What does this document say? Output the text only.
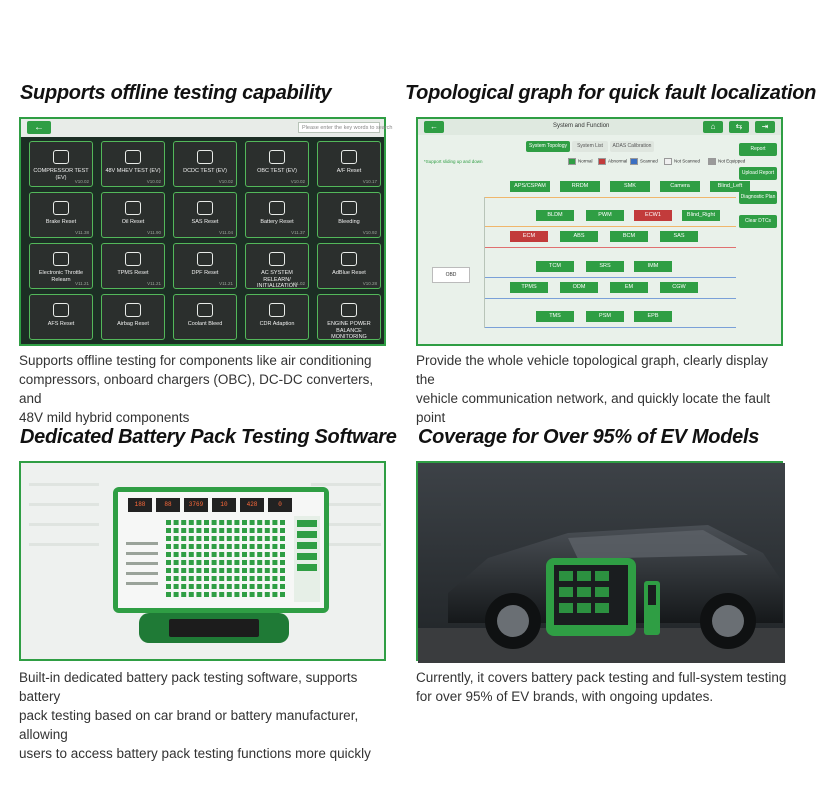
Supports offline testing capability
←	Please enter the key words to search
COMPRESSOR TEST (EV)
V10.02
48V MHEV TEST (EV)
V10.02
DCDC TEST (EV)
V10.02
OBC TEST (EV)
V10.02
A/F Reset
V10.17
Brake Reset
V11.38
Oil Reset
V11.90
SAS Reset
V11.04
Battery Reset
V11.37
Bleeding
V10.92
Electronic Throttle Relearn
V11.21
TPMS Reset
V11.21
DPF Reset
V11.21
AC SYSTEM RELEARN/ INITIALIZATION
V11.02
AdBlue Reset
V10.28
AFS Reset	Airbag Reset	Coolant Bleed	CDR Adaption	ENGINE POWER BALANCE MONITORING
Supports offline testing for components like air conditioning
compressors, onboard chargers (OBC), DC-DC converters, and
48V mild hybrid components
Topological graph for quick fault localization
←	System and Function	⌂	⇆	⇥
System Topology	System List	ADAS Calibration
*Support sliding up and down	Normal	Abnormal	Scanned	Not Scanned	Not Equipped
APS/CSPAM	RRDM	SMK	Camera	Blind_Left
BLDM	PWM	ECW1	Blind_Right
ECM	ABS	BCM	SAS
TCM	SRS	IMM
TPMS	ODM	EM	CGW
TMS	PSM	EPB
OBD
Report
Upload Report
Diagnostic Plan
Clear DTCs
Provide the whole vehicle topological graph, clearly display the
vehicle communication network, and quickly locate the fault
point
Dedicated Battery Pack Testing Software
188	88	3769	10	428	0
Built-in dedicated battery pack testing software, supports battery
pack testing based on car brand or battery manufacturer, allowing
users to access battery pack testing functions more quickly
Coverage for Over 95% of EV Models
Currently, it covers battery pack testing and full-system testing
for over 95% of EV brands, with ongoing updates.
